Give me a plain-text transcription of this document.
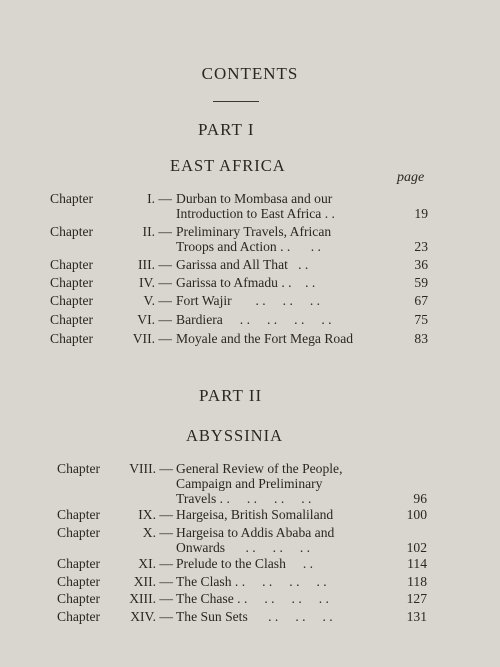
CONTENTS
PART I
EAST AFRICA
page
Chapter	I. — Durban to Mombasa and our
Introduction to East Africa . .	19
Chapter	II. — Preliminary Travels, African
Troops and Action . .      . .	23
Chapter	III. — Garissa and All That   . .	36
Chapter	IV. — Garissa to Afmadu . .    . .	59
Chapter	V. — Fort Wajir       . .     . .     . .	67
Chapter	VI. — Bardiera     . .     . .     . .     . .	75
Chapter	VII. — Moyale and the Fort Mega Road	83
PART II
ABYSSINIA
Chapter	VIII. — General Review of the People,
Campaign and Preliminary
Travels . .     . .     . .     . .	96
Chapter	IX. — Hargeisa, British Somaliland	100
Chapter	X. — Hargeisa to Addis Ababa and
Onwards      . .     . .     . .	102
Chapter	XI. — Prelude to the Clash     . .	114
Chapter	XII. — The Clash . .     . .     . .     . .	118
Chapter	XIII. — The Chase . .     . .     . .     . .	127
Chapter	XIV. — The Sun Sets      . .     . .     . .	131
